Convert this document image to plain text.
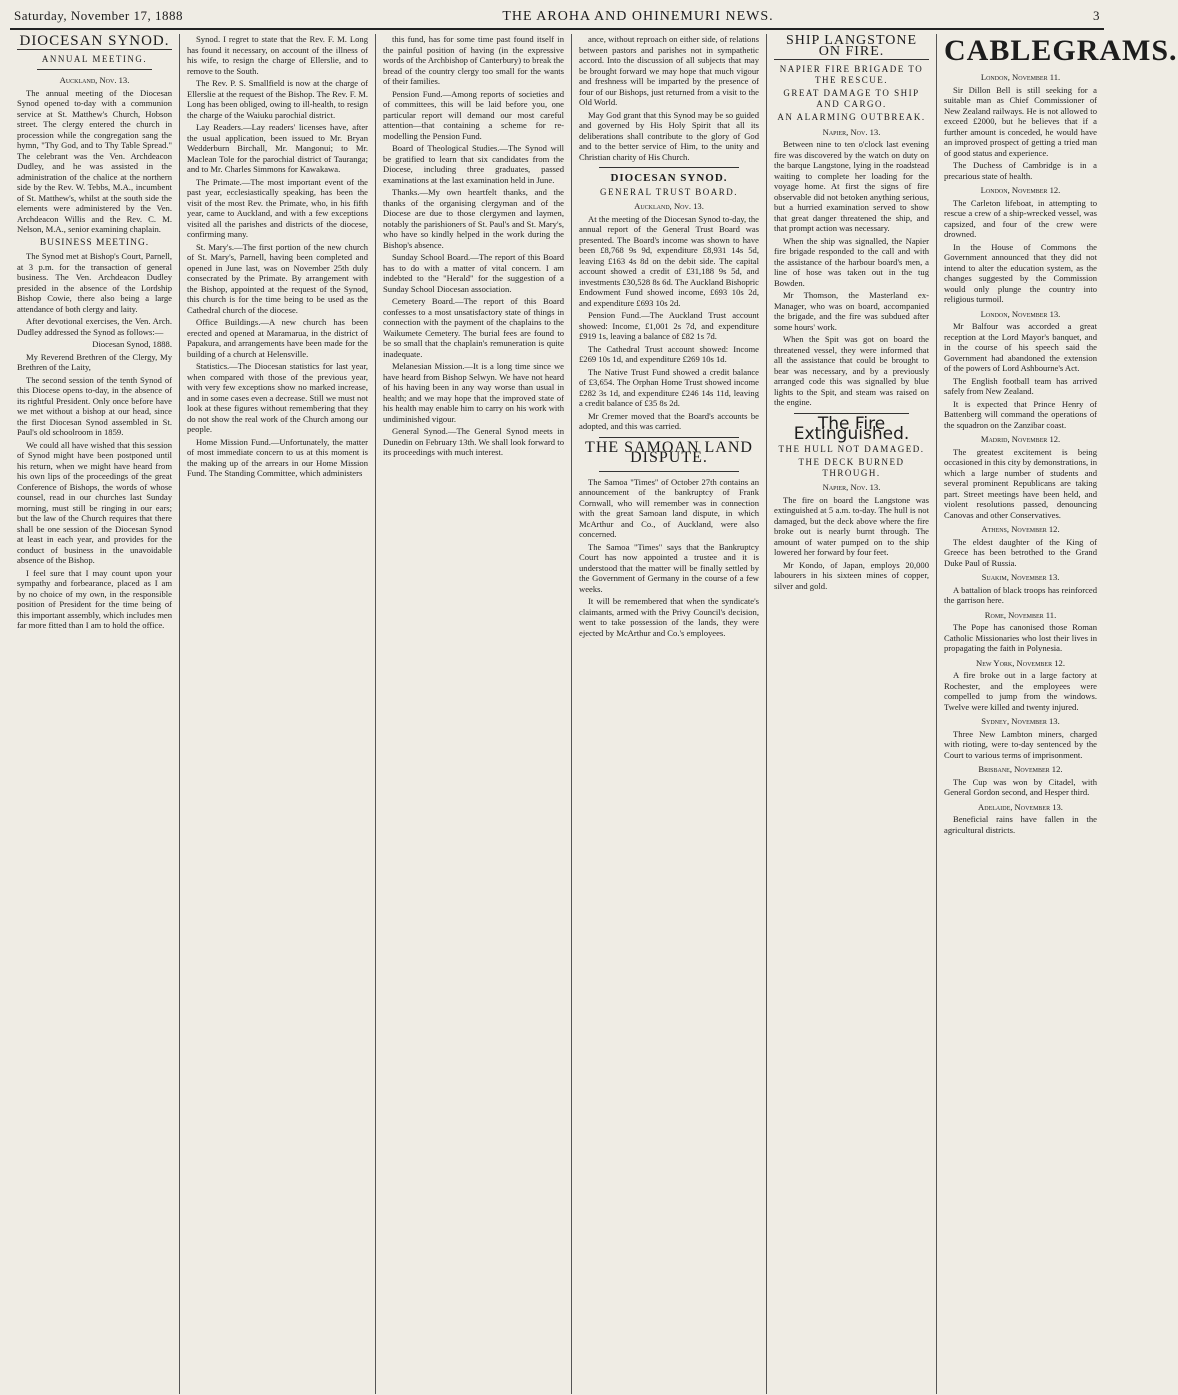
Saturday, November 17, 1888	THE AROHA AND OHINEMURI NEWS.	3
DIOCESAN SYNOD.
ANNUAL MEETING.
Auckland, Nov. 13.

The annual meeting of the Diocesan Synod opened to-day with a communion service at St. Matthew's Church, Hobson street. The clergy entered the church in procession while the congregation sang the hymn, "Thy God, and to Thy Table Spread." The celebrant was the Ven. Archdeacon Dudley, and he was assisted in the administration of the chalice at the northern side by the Rev. W. Tebbs, M.A., incumbent of St. Matthew's, whilst at the south side the elements were administered by the Ven. Archdeacon Willis and the Rev. C. M. Nelson, M.A., senior examining chaplain.

BUSINESS MEETING.

The Synod met at Bishop's Court, Parnell, at 3 p.m. for the transaction of general business. The Ven. Archdeacon Dudley presided in the absence of the Lordship Bishop Cowie, there also being a large attendance of both clergy and laity.

After devotional exercises, the Ven. Arch. Dudley addressed the Synod as follows:—

Diocesan Synod, 1888.

My Reverend Brethren of the Clergy, My Brethren of the Laity,

The second session of the tenth Synod of this Diocese opens to-day, in the absence of its rightful President. Only once before have we met without a bishop at our head, since the first Diocesan Synod assembled in St. Paul's old schoolroom in 1859.

We could all have wished that this session of Synod might have been postponed until his return, when we might have heard from his own lips of the proceedings of the great Conference of Bishops, the words of whose counsel, read in our churches last Sunday morning, must still be ringing in our ears; but the law of the Church requires that there shall be one session of the Diocesan Synod at least in each year, and provides for the conduct of business in the unavoidable absence of the Bishop.

I feel sure that I may count upon your sympathy and forbearance, placed as I am by no choice of my own, in the responsible position of President for the time being of this important assembly, which includes men far more fitted than I am to hold the office.

Synod. I regret to state that the Rev. F. M. Long has found it necessary, on account of the illness of his wife, to resign the charge of Ellerslie, and to remove to the South.

The Rev. P. S. Smallfield is now at the charge of Ellerslie at the request of the Bishop. The Rev. F. M. Long has been obliged, owing to ill-health, to resign the charge of the Waiuku parochial district.

Lay Readers.—Lay readers' licenses have, after the usual application, been issued to Mr. Bryan Wedderburn Birchall, Mr. Mangonui; to Mr. Maclean Tole for the parochial district of Tauranga; and to Mr. Charles Simmons for Kawakawa.

The Primate.—The most important event of the past year, ecclesiastically speaking, has been the visit of the most Rev. the Primate, who, in his fifth year, came to Auckland, and with a few exceptions visited all the parishes and districts of the diocese, confirming many.

St. Mary's.—The first portion of the new church of St. Mary's, Parnell, having been completed and opened in June last, was on November 25th duly consecrated by the Primate. By arrangement with the Bishop, appointed at the request of the Synod, this church is for the time being to be used as the Cathedral church of the diocese.

Office Buildings.—A new church has been erected and opened at Maramarua, in the district of Papakura, and arrangements have been made for the building of a church at Helensville.

Statistics.—The Diocesan statistics for last year, when compared with those of the previous year, with very few exceptions show no marked increase, and in some cases even a decrease. Still we must not look at these figures without remembering that they do not show the real work of the Church among our people.

Home Mission Fund.—Unfortunately, the matter of most immediate concern to us at this moment is the making up of the arrears in our Home Mission Fund. The Standing Committee, which administers

this fund, has for some time past found itself in the painful position of having (in the expressive words of the Archbishop of Canterbury) to break the bread of the country clergy too small for the wants of their families.

Pension Fund.—Among reports of societies and of committees, this will be laid before you, one particular report will demand our most careful attention—that containing a scheme for re-modelling the Pension Fund.

Board of Theological Studies.—The Synod will be gratified to learn that six candidates from the Diocese, including three graduates, passed examinations at the last examination held in June.

Thanks.—My own heartfelt thanks, and the thanks of the organising clergyman and of the Diocese are due to those clergymen and laymen, notably the parishioners of St. Paul's and St. Mary's, who have so kindly helped in the work during the Bishop's absence.

Sunday School Board.—The report of this Board has to do with a matter of vital concern. I am indebted to the "Herald" for the suggestion of a Sunday School Diocesan association.

Cemetery Board.—The report of this Board confesses to a most unsatisfactory state of things in connection with the payment of the chaplains to the Waikumete Cemetery. The burial fees are found to be so small that the chaplain's remuneration is quite inadequate.

Melanesian Mission.—It is a long time since we have heard from Bishop Selwyn. We have not heard of his having been in any way worse than usual in health; and we may hope that the improved state of his health may enable him to carry on his work with undiminished vigour.

General Synod.—The General Synod meets in Dunedin on February 13th. We shall look forward to its proceedings with much interest.

ance, without reproach on either side, of relations between pastors and parishes not in sympathetic accord. Into the discussion of all subjects that may be brought forward we may hope that much vigour and freshness will be imparted by the presence of four of our Bishops, just returned from a visit to the Old World.

May God grant that this Synod may be so guided and governed by His Holy Spirit that all its deliberations shall contribute to the glory of God and to the better service of Him, to the unity and Christian charity of His Church.

DIOCESAN SYNOD.
GENERAL TRUST BOARD.
Auckland, Nov. 13.

At the meeting of the Diocesan Synod to-day, the annual report of the General Trust Board was presented. The Board's income was shown to have been £8,768 9s 9d, expenditure £8,931 14s 5d, leaving £163 4s 8d on the debit side. The capital account showed a credit of £31,188 9s 5d, and investments £30,528 8s 6d. The Auckland Bishopric Endowment Fund showed income, £693 10s 2d, and expenditure £693 10s 2d.

Pension Fund.—The Auckland Trust account showed: Income, £1,001 2s 7d, and expenditure £919 1s, leaving a balance of £82 1s 7d.

The Cathedral Trust account showed: Income £269 10s 1d, and expenditure £269 10s 1d.

The Native Trust Fund showed a credit balance of £3,654. The Orphan Home Trust showed income £282 3s 1d, and expenditure £246 14s 11d, leaving a credit balance of £35 8s 2d.

Mr Cremer moved that the Board's accounts be adopted, and this was carried.

THE SAMOAN LAND DISPUTE.

The Samoa "Times" of October 27th contains an announcement of the bankruptcy of Frank Cornwall, who will remember was in connection with the great Samoan land dispute, in which McArthur and Co., of Auckland, were also concerned.

The Samoa "Times" says that the Bankruptcy Court has now appointed a trustee and it is understood that the matter will be finally settled by the Government of Germany in the course of a few weeks.

It will be remembered that when the syndicate's claimants, armed with the Privy Council's decision, went to take possession of the lands, they were ejected by McArthur and Co.'s employees.

SHIP LANGSTONE ON FIRE.
NAPIER FIRE BRIGADE TO THE RESCUE.
GREAT DAMAGE TO SHIP AND CARGO.
AN ALARMING OUTBREAK.
Napier, Nov. 13.

Between nine to ten o'clock last evening fire was discovered by the watch on duty on the barque Langstone, lying in the roadstead waiting to complete her loading for the voyage home. At first the signs of fire observable did not betoken anything serious, but a hurried examination served to show that great danger threatened the ship, and that prompt action was necessary.

When the ship was signalled, the Napier fire brigade responded to the call and with the assistance of the harbour board's men, a line of hose was taken out in the tug Bowden.

Mr Thomson, the Masterland ex-Manager, who was on board, accompanied the brigade, and the fire was subdued after some hours' work.

When the Spit was got on board the threatened vessel, they were informed that all the assistance that could be brought to bear was necessary, and by a previously arranged code this was signalled by blue lights to the Spit, and steam was raised on the engine.

The Fire Extinguished.
THE HULL NOT DAMAGED.
THE DECK BURNED THROUGH.
Napier, Nov. 13.

The fire on board the Langstone was extinguished at 5 a.m. to-day. The hull is not damaged, but the deck above where the fire broke out is nearly burnt through. The amount of water pumped on to the ship lowered her forward by four feet.

Mr Kondo, of Japan, employs 20,000 labourers in his sixteen mines of copper, silver and gold.

CABLEGRAMS.
London, November 11.

Sir Dillon Bell is still seeking for a suitable man as Chief Commissioner of New Zealand railways. He is not allowed to exceed £2000, but he believes that if a further amount is conceded, he would have an improved prospect of getting a tried man of good status and experience.

The Duchess of Cambridge is in a precarious state of health.

London, November 12.

The Carleton lifeboat, in attempting to rescue a crew of a ship-wrecked vessel, was capsized, and four of the crew were drowned.

In the House of Commons the Government announced that they did not intend to alter the education system, as the changes suggested by the Commission would only plunge the country into religious turmoil.

London, November 13.

Mr Balfour was accorded a great reception at the Lord Mayor's banquet, and in the course of his speech said the Government had abandoned the extension of the powers of Lord Ashbourne's Act.

The English football team has arrived safely from New Zealand.

It is expected that Prince Henry of Battenberg will command the operations of the squadron on the Zanzibar coast.

Madrid, November 12.

The greatest excitement is being occasioned in this city by demonstrations, in which a large number of students and several prominent Republicans are taking part. Street meetings have been held, and violent resolutions passed, denouncing Canovas and other Conservatives.

Athens, November 12.

The eldest daughter of the King of Greece has been betrothed to the Grand Duke Paul of Russia.

Suakim, November 13.

A battalion of black troops has reinforced the garrison here.

Rome, November 11.

The Pope has canonised those Roman Catholic Missionaries who lost their lives in propagating the faith in Polynesia.

New York, November 12.

A fire broke out in a large factory at Rochester, and the employees were compelled to jump from the windows. Twelve were killed and twenty injured.

Sydney, November 13.

Three New Lambton miners, charged with rioting, were to-day sentenced by the Court to various terms of imprisonment.

Brisbane, November 12.

The Cup was won by Citadel, with General Gordon second, and Hesper third.

Adelaide, November 13.

Beneficial rains have fallen in the agricultural districts.
